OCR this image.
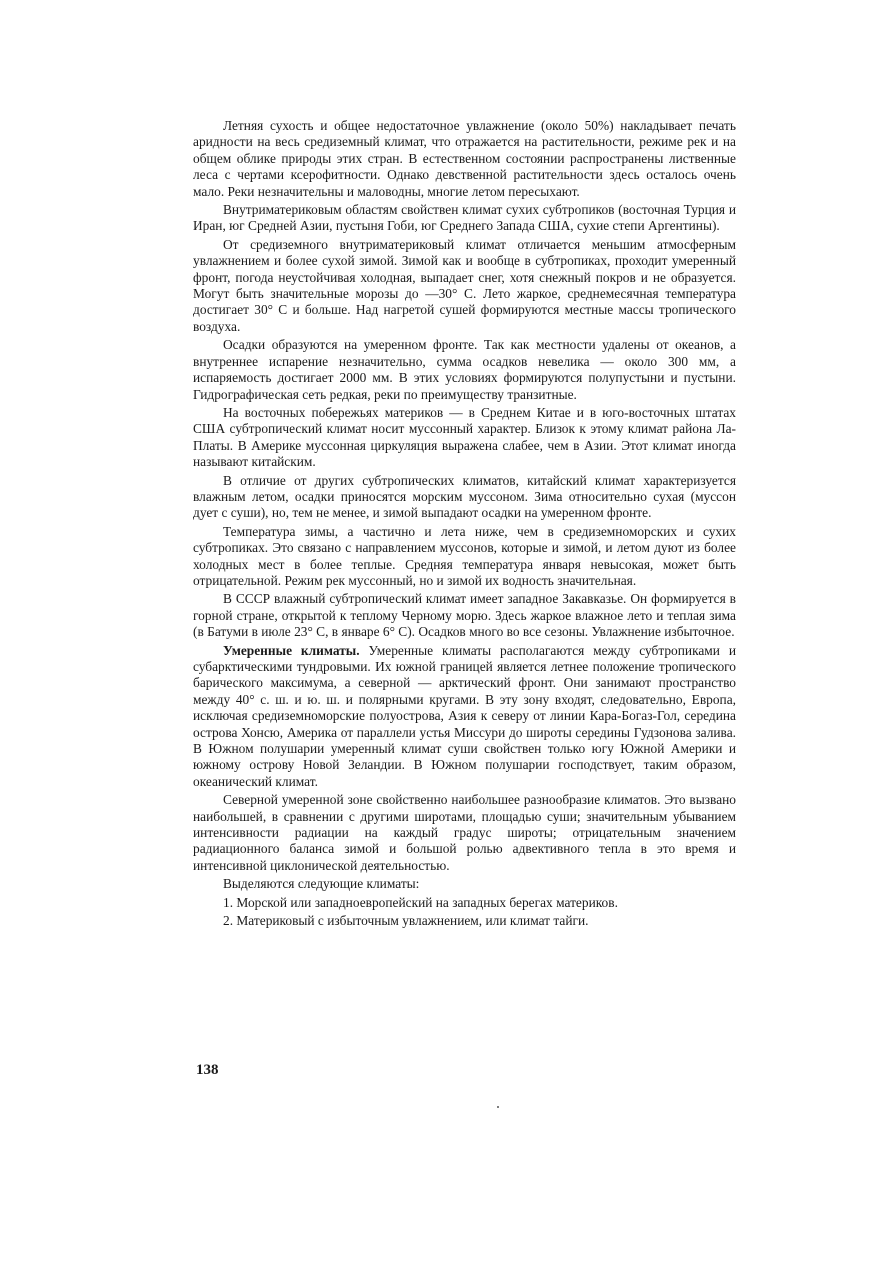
Летняя сухость и общее недостаточное увлажнение (около 50%) накладывает печать аридности на весь средиземный климат, что отражается на растительности, режиме рек и на общем облике природы этих стран. В естественном состоянии распространены лиственные леса с чертами ксерофитности. Однако девственной растительности здесь осталось очень мало. Реки незначительны и маловодны, многие летом пересыхают.

Внутриматериковым областям свойствен климат сухих субтропиков (восточная Турция и Иран, юг Средней Азии, пустыня Гоби, юг Среднего Запада США, сухие степи Аргентины).

От средиземного внутриматериковый климат отличается меньшим атмосферным увлажнением и более сухой зимой. Зимой как и вообще в субтропиках, проходит умеренный фронт, погода неустойчивая холодная, выпадает снег, хотя снежный покров и не образуется. Могут быть значительные морозы до —30° С. Лето жаркое, среднемесячная температура достигает 30° С и больше. Над нагретой сушей формируются местные массы тропического воздуха.

Осадки образуются на умеренном фронте. Так как местности удалены от океанов, а внутреннее испарение незначительно, сумма осадков невелика — около 300 мм, а испаряемость достигает 2000 мм. В этих условиях формируются полупустыни и пустыни. Гидрографическая сеть редкая, реки по преимуществу транзитные.

На восточных побережьях материков — в Среднем Китае и в юго-восточных штатах США субтропический климат носит муссонный характер. Близок к этому климат района Ла-Платы. В Америке муссонная циркуляция выражена слабее, чем в Азии. Этот климат иногда называют китайским.

В отличие от других субтропических климатов, китайский климат характеризуется влажным летом, осадки приносятся морским муссоном. Зима относительно сухая (муссон дует с суши), но, тем не менее, и зимой выпадают осадки на умеренном фронте.

Температура зимы, а частично и лета ниже, чем в средиземноморских и сухих субтропиках. Это связано с направлением муссонов, которые и зимой, и летом дуют из более холодных мест в более теплые. Средняя температура января невысокая, может быть отрицательной. Режим рек муссонный, но и зимой их водность значительная.

В СССР влажный субтропический климат имеет западное Закавказье. Он формируется в горной стране, открытой к теплому Черному морю. Здесь жаркое влажное лето и теплая зима (в Батуми в июле 23° С, в январе 6° С). Осадков много во все сезоны. Увлажнение избыточное.

Умеренные климаты. Умеренные климаты располагаются между субтропиками и субарктическими тундровыми. Их южной границей является летнее положение тропического барического максимума, а северной — арктический фронт. Они занимают пространство между 40° с. ш. и ю. ш. и полярными кругами. В эту зону входят, следовательно, Европа, исключая средиземноморские полуострова, Азия к северу от линии Кара-Богаз-Гол, середина острова Хонсю, Америка от параллели устья Миссури до широты середины Гудзонова залива. В Южном полушарии умеренный климат суши свойствен только югу Южной Америки и южному острову Новой Зеландии. В Южном полушарии господствует, таким образом, океанический климат.

Северной умеренной зоне свойственно наибольшее разнообразие климатов. Это вызвано наибольшей, в сравнении с другими широтами, площадью суши; значительным убыванием интенсивности радиации на каждый градус широты; отрицательным значением радиационного баланса зимой и большой ролью адвективного тепла в это время и интенсивной циклонической деятельностью.

Выделяются следующие климаты:

1. Морской или западноевропейский на западных берегах материков.
2. Материковый с избыточным увлажнением, или климат тайги.
138
